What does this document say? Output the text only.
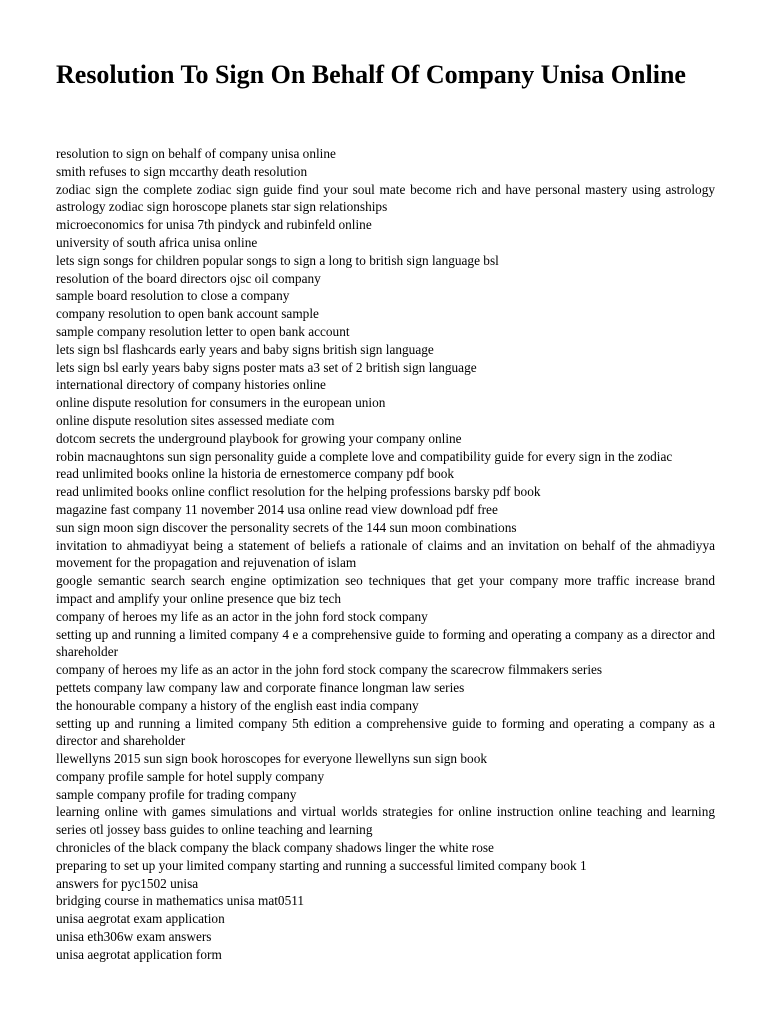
Resolution To Sign On Behalf Of Company Unisa Online
resolution to sign on behalf of company unisa online
smith refuses to sign mccarthy death resolution
zodiac sign the complete zodiac sign guide find your soul mate become rich and have personal mastery using astrology astrology zodiac sign horoscope planets star sign relationships
microeconomics for unisa 7th pindyck and rubinfeld online
university of south africa unisa online
lets sign songs for children popular songs to sign a long to british sign language bsl
resolution of the board directors ojsc oil company
sample board resolution to close a company
company resolution to open bank account sample
sample company resolution letter to open bank account
lets sign bsl flashcards early years and baby signs british sign language
lets sign bsl early years baby signs poster mats a3 set of 2 british sign language
international directory of company histories online
online dispute resolution for consumers in the european union
online dispute resolution sites assessed mediate com
dotcom secrets the underground playbook for growing your company online
robin macnaughtons sun sign personality guide a complete love and compatibility guide for every sign in the zodiac
read unlimited books online la historia de ernestomerce company pdf book
read unlimited books online conflict resolution for the helping professions barsky pdf book
magazine fast company 11 november 2014 usa online read view download pdf free
sun sign moon sign discover the personality secrets of the 144 sun moon combinations
invitation to ahmadiyyat being a statement of beliefs a rationale of claims and an invitation on behalf of the ahmadiyya movement for the propagation and rejuvenation of islam
google semantic search search engine optimization seo techniques that get your company more traffic increase brand impact and amplify your online presence que biz tech
company of heroes my life as an actor in the john ford stock company
setting up and running a limited company 4 e a comprehensive guide to forming and operating a company as a director and shareholder
company of heroes my life as an actor in the john ford stock company the scarecrow filmmakers series
pettets company law company law and corporate finance longman law series
the honourable company a history of the english east india company
setting up and running a limited company 5th edition a comprehensive guide to forming and operating a company as a director and shareholder
llewellyns 2015 sun sign book horoscopes for everyone llewellyns sun sign book
company profile sample for hotel supply company
sample company profile for trading company
learning online with games simulations and virtual worlds strategies for online instruction online teaching and learning series otl jossey bass guides to online teaching and learning
chronicles of the black company the black company shadows linger the white rose
preparing to set up your limited company starting and running a successful limited company book 1
answers for pyc1502 unisa
bridging course in mathematics unisa mat0511
unisa aegrotat exam application
unisa eth306w exam answers
unisa aegrotat application form
